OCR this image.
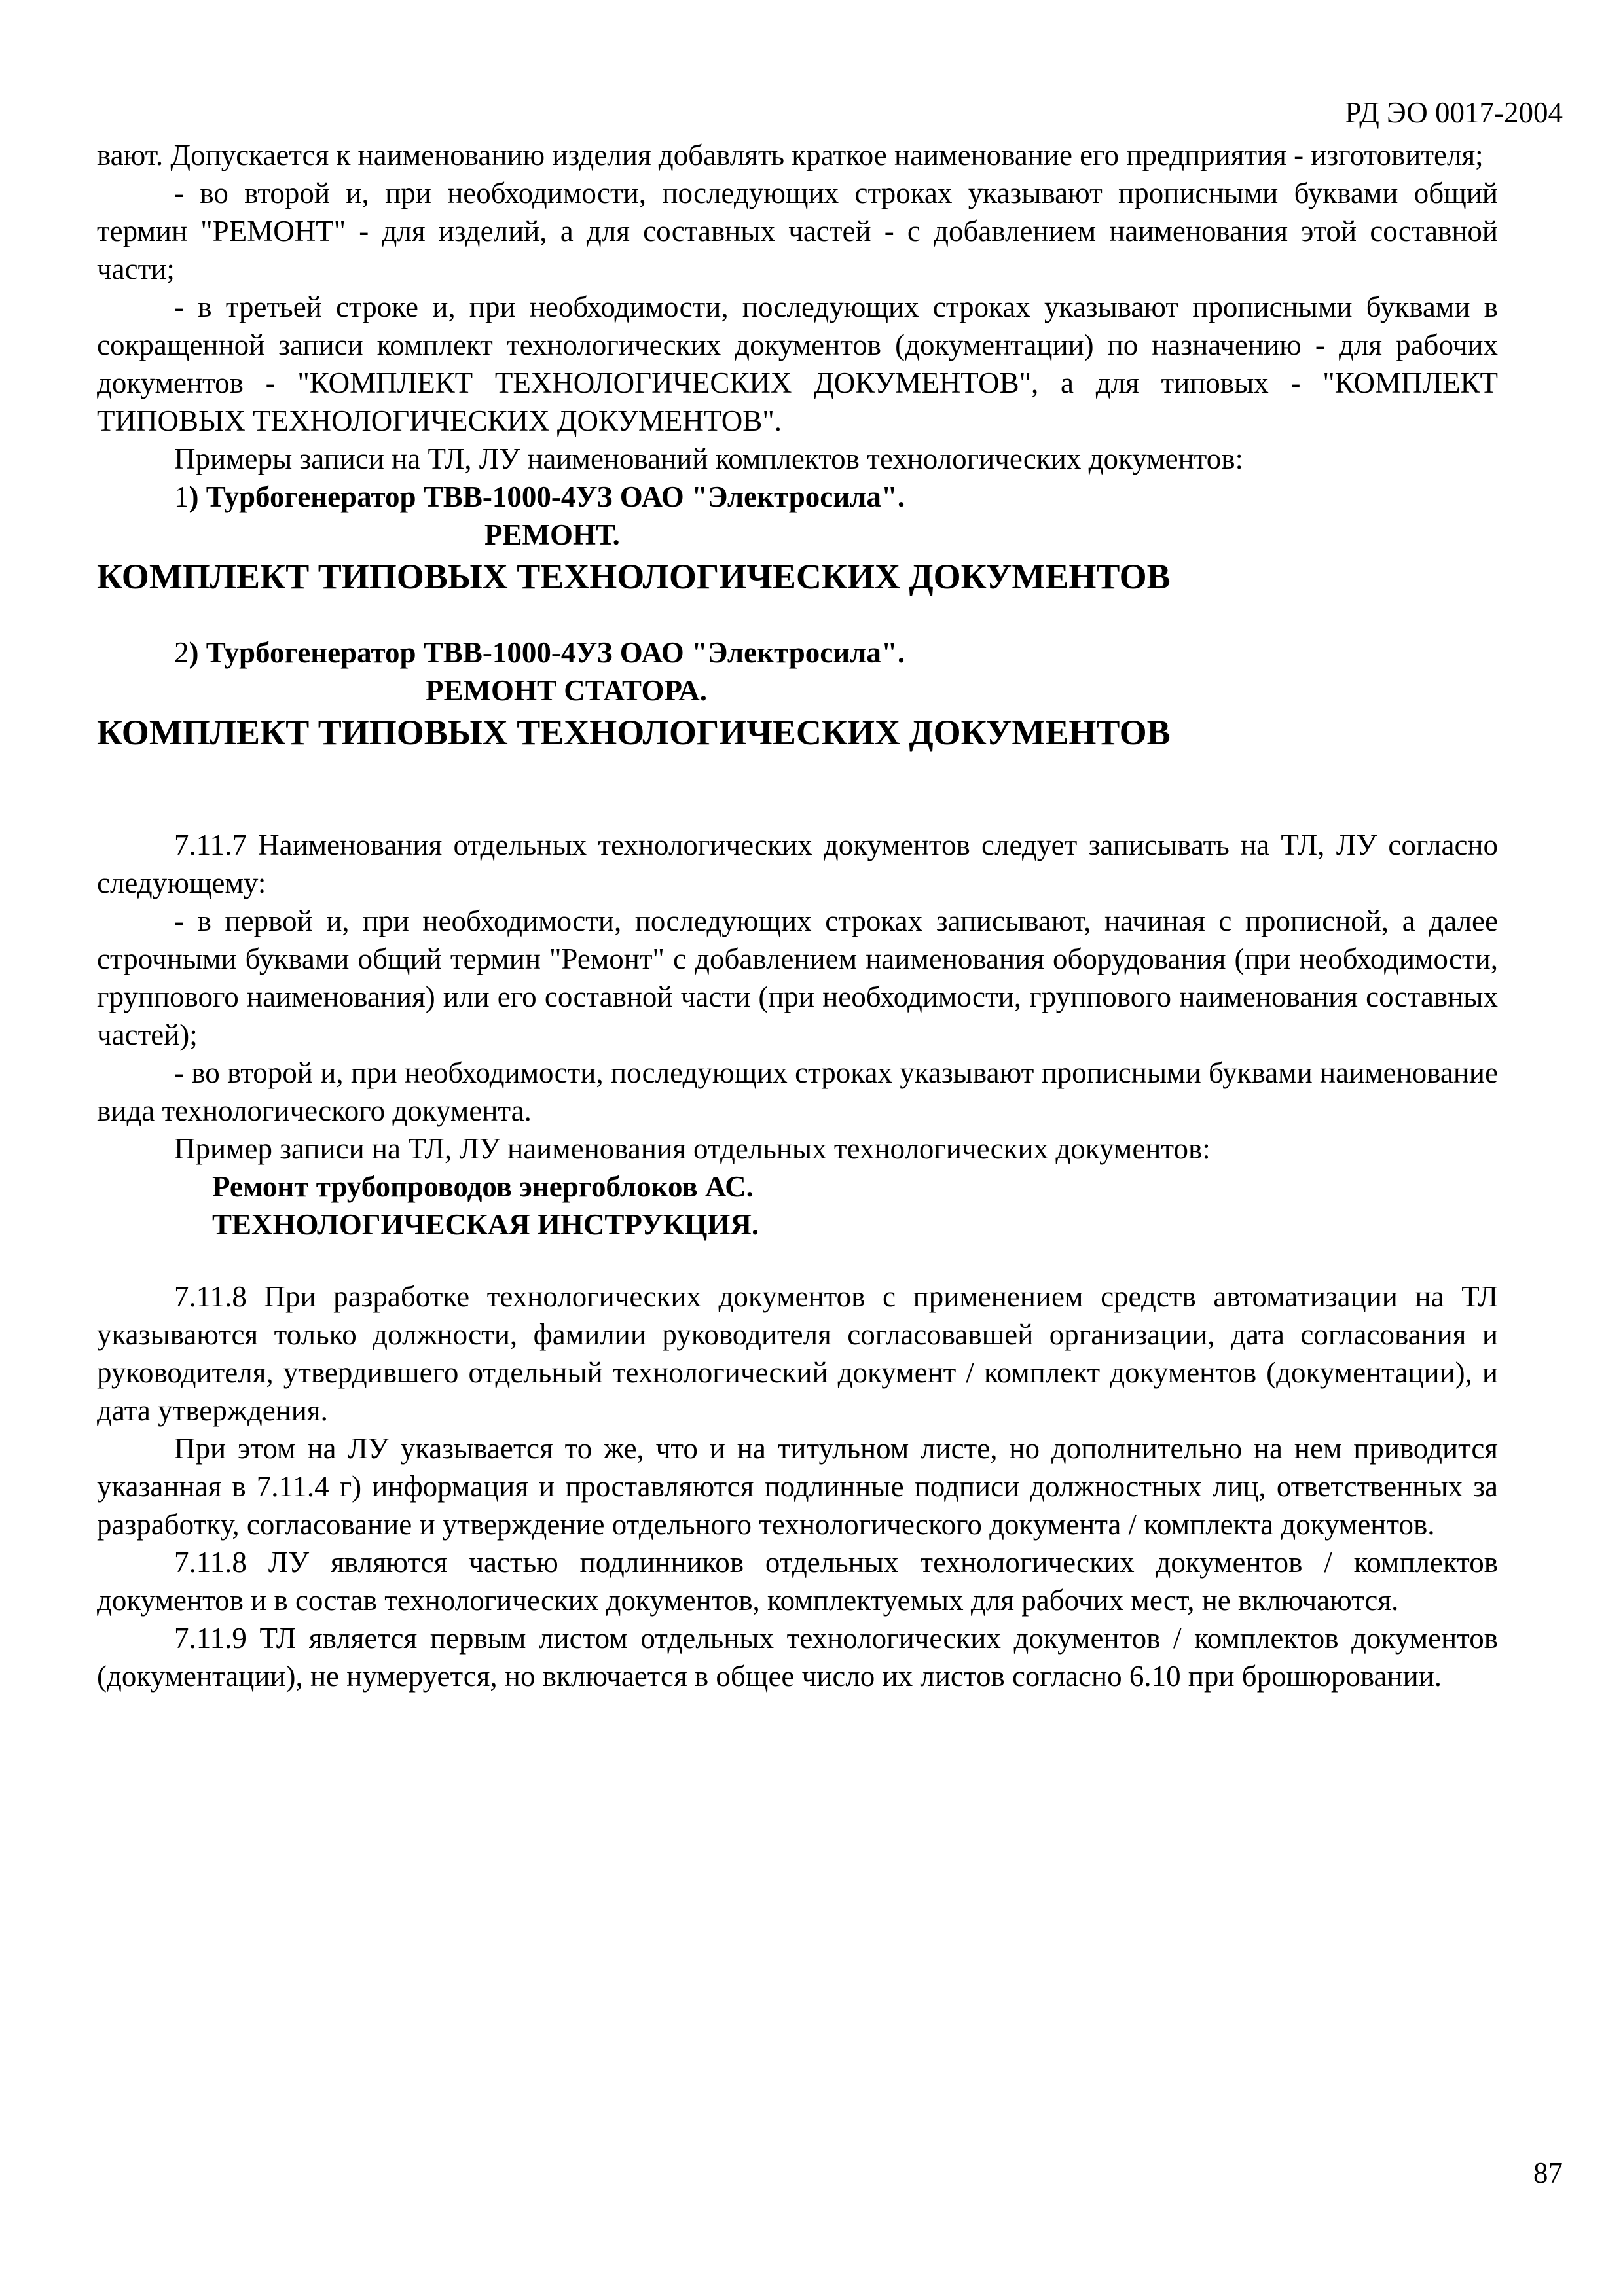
РД ЭО 0017-2004

вают. Допускается к наименованию изделия добавлять краткое наименование его предприятия - изготовителя;

- во второй и, при необходимости, последующих строках указывают прописными буквами общий термин "РЕМОНТ" - для изделий, а для составных частей - с добавлением наименования этой составной части;

- в третьей строке и, при необходимости, последующих строках указывают прописными буквами в сокращенной записи комплект технологических документов (документации) по назначению - для рабочих документов - "КОМПЛЕКТ ТЕХНОЛОГИЧЕСКИХ ДОКУМЕНТОВ", а для типовых - "КОМПЛЕКТ ТИПОВЫХ ТЕХНОЛОГИЧЕСКИХ ДОКУМЕНТОВ".

Примеры записи на ТЛ, ЛУ наименований комплектов технологических документов:

1) Турбогенератор ТВВ-1000-4УЗ ОАО "Электросила".
РЕМОНТ.
КОМПЛЕКТ ТИПОВЫХ ТЕХНОЛОГИЧЕСКИХ ДОКУМЕНТОВ
2) Турбогенератор ТВВ-1000-4УЗ ОАО "Электросила".
РЕМОНТ СТАТОРА.
КОМПЛЕКТ ТИПОВЫХ ТЕХНОЛОГИЧЕСКИХ ДОКУМЕНТОВ

7.11.7 Наименования отдельных технологических документов следует записывать на ТЛ, ЛУ согласно следующему:

- в первой и, при необходимости, последующих строках записывают, начиная с прописной, а далее строчными буквами общий термин "Ремонт" с добавлением наименования оборудования (при необходимости, группового наименования) или его составной части (при необходимости, группового наименования составных частей);

- во второй и, при необходимости, последующих строках указывают прописными буквами наименование вида технологического документа.

Пример записи на ТЛ, ЛУ наименования отдельных технологических документов:

Ремонт трубопроводов энергоблоков АС.
ТЕХНОЛОГИЧЕСКАЯ ИНСТРУКЦИЯ.

7.11.8 При разработке технологических документов с применением средств автоматизации на ТЛ указываются только должности, фамилии руководителя согласовавшей организации, дата согласования и руководителя, утвердившего отдельный технологический документ / комплект документов (документации), и дата утверждения.

При этом на ЛУ указывается то же, что и на титульном листе, но дополнительно на нем приводится указанная в 7.11.4 г) информация и проставляются подлинные подписи должностных лиц, ответственных за разработку, согласование и утверждение отдельного технологического документа / комплекта документов.

7.11.8 ЛУ являются частью подлинников отдельных технологических документов / комплектов документов и в состав технологических документов, комплектуемых для рабочих мест, не включаются.

7.11.9 ТЛ является первым листом отдельных технологических документов / комплектов документов (документации), не нумеруется, но включается в общее число их листов согласно 6.10 при брошюровании.

87
